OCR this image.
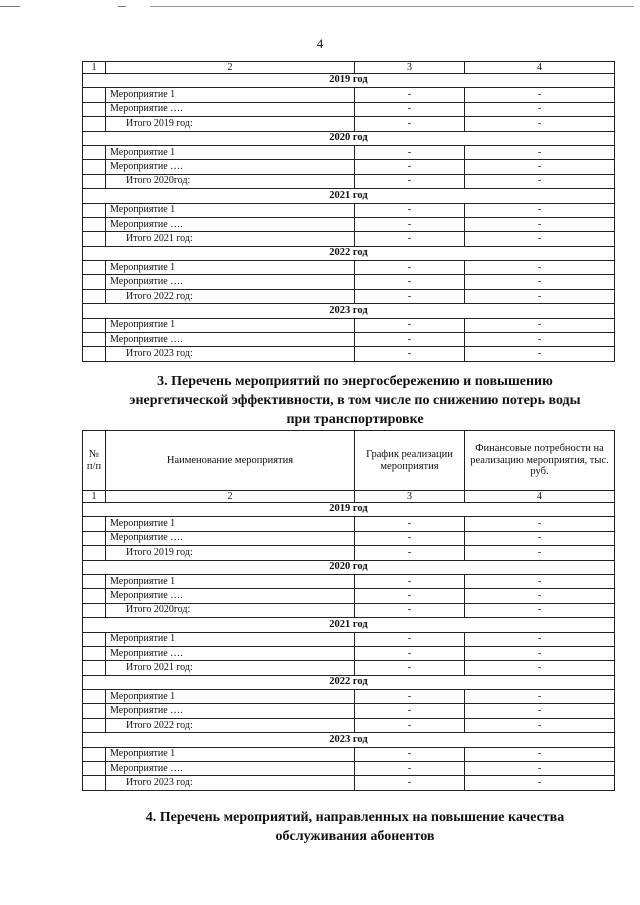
4
1	2	3	4
2019 год			
	Мероприятие 1	-	-
	Мероприятие ….	-	-
	Итого 2019 год:	-	-
2020 год			
	Мероприятие 1	-	-
	Мероприятие ….	-	-
	Итого 2020год:	-	-
2021 год			
	Мероприятие 1	-	-
	Мероприятие ….	-	-
	Итого 2021 год:	-	-
2022 год			
	Мероприятие 1	-	-
	Мероприятие ….	-	-
	Итого 2022 год:	-	-
2023 год			
	Мероприятие 1	-	-
	Мероприятие ….	-	-
	Итого 2023 год:	-	-
3. Перечень мероприятий по энергосбережению и повышению
энергетической эффективности, в том числе по снижению потерь воды
при транспортировке
№ п/п	Наименование мероприятия	График реализации мероприятия	Финансовые потребности на реализацию мероприятия, тыс. руб.
1	2	3	4
2019 год			
	Мероприятие 1	-	-
	Мероприятие ….	-	-
	Итого 2019 год:	-	-
2020 год			
	Мероприятие 1	-	-
	Мероприятие ….	-	-
	Итого 2020год:	-	-
2021 год			
	Мероприятие 1	-	-
	Мероприятие ….	-	-
	Итого 2021 год:	-	-
2022 год			
	Мероприятие 1	-	-
	Мероприятие ….	-	-
	Итого 2022 год:	-	-
2023 год			
	Мероприятие 1	-	-
	Мероприятие ….	-	-
	Итого 2023 год:	-	-
4. Перечень мероприятий, направленных на повышение качества
обслуживания абонентов
